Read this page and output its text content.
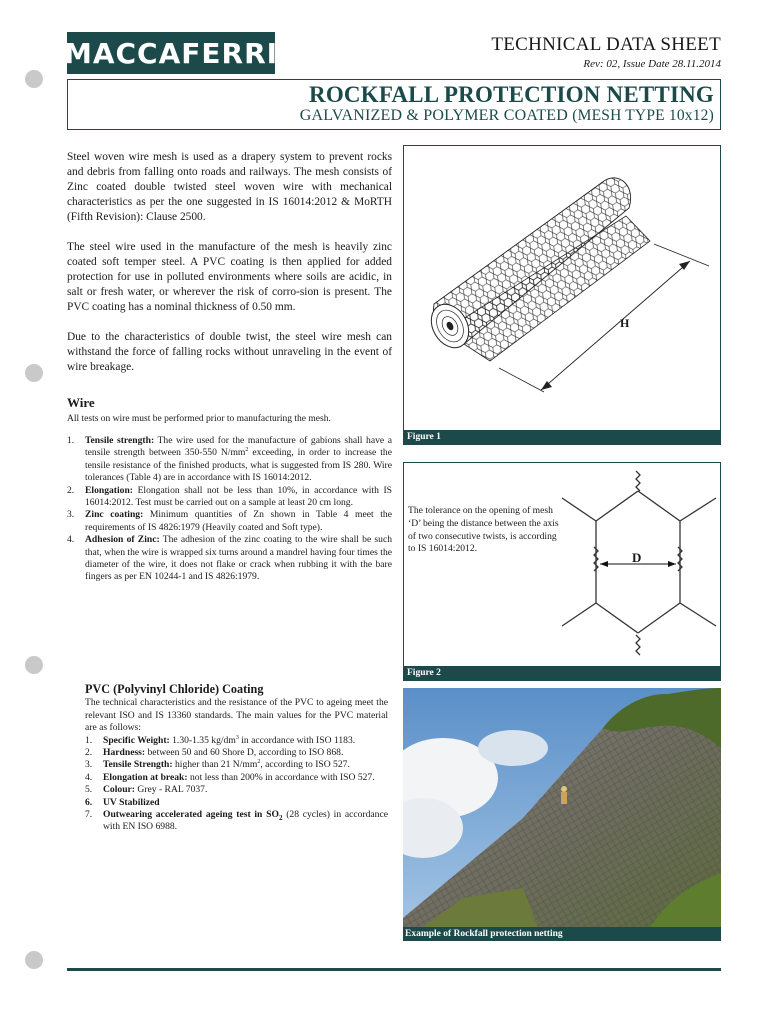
MACCAFERRI	TECHNICAL DATA SHEET
Rev: 02, Issue Date 28.11.2014
ROCKFALL PROTECTION NETTING
GALVANIZED & POLYMER COATED (MESH TYPE 10x12)

Steel woven wire mesh is used as a drapery system to prevent rocks and debris from falling onto roads and railways. The mesh consists of Zinc coated double twisted steel woven wire with mechanical characteristics as per the one suggested in IS 16014:2012 & MoRTH (Fifth Revision): Clause 2500.

The steel wire used in the manufacture of the mesh is heavily zinc coated soft temper steel. A PVC coating is then applied for added protection for use in polluted environments where soils are acidic, in salt or fresh water, or wherever the risk of corro-sion is present. The PVC coating has a nominal thickness of 0.50 mm.

Due to the characteristics of double twist, the steel wire mesh can withstand the force of falling rocks without unraveling in the event of wire breakage.

Wire
All tests on wire must be performed prior to manufacturing the mesh.
1. Tensile strength: The wire used for the manufacture of gabions shall have a tensile strength between 350-550 $N/mm^2$ exceeding, in order to increase the tensile resistance of the finished products, what is suggested from IS 280. Wire tolerances (Table 4) are in accordance with IS 16014:2012.
2. Elongation: Elongation shall not be less than 10%, in accordance with IS 16014:2012. Test must be carried out on a sample at least 20 cm long.
3. Zinc coating: Minimum quantities of Zn shown in Table 4 meet the requirements of IS 4826:1979 (Heavily coated and Soft type).
4. Adhesion of Zinc: The adhesion of the zinc coating to the wire shall be such that, when the wire is wrapped six turns around a mandrel having four times the diameter of the wire, it does not flake or crack when rubbing it with the bare fingers as per EN 10244-1 and IS 4826:1979.
PVC (Polyvinyl Chloride) Coating
The technical characteristics and the resistance of the PVC to ageing meet the relevant ISO and IS 13360 standards. The main values for the PVC material are as follows:
1. Specific Weight: 1.30-1.35 $kg/dm^3$ in accordance with ISO 1183.
2. Hardness: between 50 and 60 Shore D, according to ISO 868.
3. Tensile Strength: higher than 21 $N/mm^2$, according to ISO 527.
4. Elongation at break: not less than 200% in accordance with ISO 527.
5. Colour: Grey - RAL 7037.
6. UV Stabilized
7. Outwearing accelerated ageing test in $SO_2$ (28 cycles) in accordance with EN ISO 6988.
H
Figure 1
The tolerance on the opening of mesh ‘D’ being the distance between the axis of two consecutive twists, is according to IS 16014:2012.
D
Figure 2
Example of Rockfall protection netting
